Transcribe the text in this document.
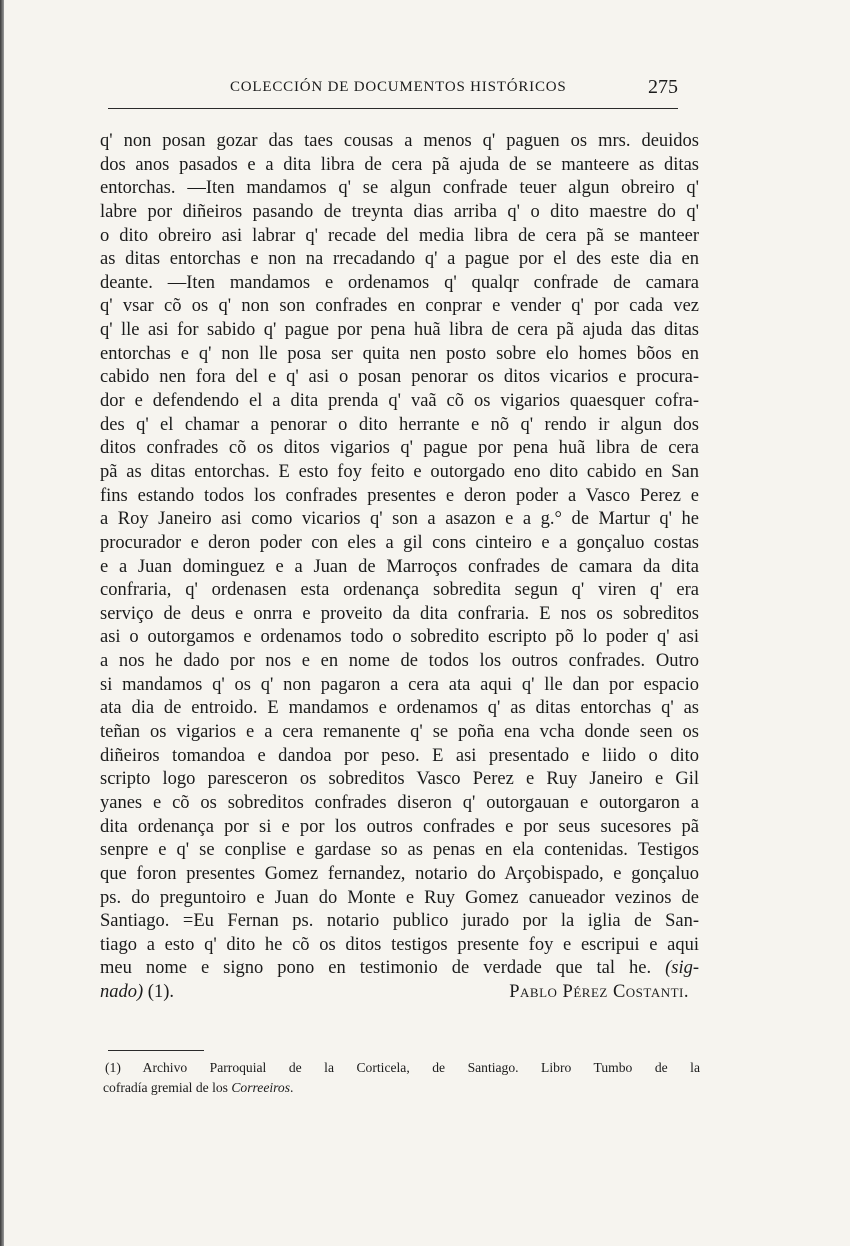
COLECCIÓN DE DOCUMENTOS HISTÓRICOS	275
q' non posan gozar das taes cousas a menos q' paguen os mrs. deuidos
dos anos pasados e a dita libra de cera pã ajuda de se manteere as ditas
entorchas. —Iten mandamos q' se algun confrade teuer algun obreiro q'
labre por diñeiros pasando de treynta dias arriba q' o dito maestre do q'
o dito obreiro asi labrar q' recade del media libra de cera pã se manteer
as ditas entorchas e non na rrecadando q' a pague por el des este dia en
deante. —Iten mandamos e ordenamos q' qualqr confrade de camara
q' vsar cõ os q' non son confrades en conprar e vender q' por cada vez
q' lle asi for sabido q' pague por pena huã libra de cera pã ajuda das ditas
entorchas e q' non lle posa ser quita nen posto sobre elo homes bõos en
cabido nen fora del e q' asi o posan penorar os ditos vicarios e procura-
dor e defendendo el a dita prenda q' vaã cõ os vigarios quaesquer cofra-
des q' el chamar a penorar o dito herrante e nõ q' rendo ir algun dos
ditos confrades cõ os ditos vigarios q' pague por pena huã libra de cera
pã as ditas entorchas. E esto foy feito e outorgado eno dito cabido en San
fins estando todos los confrades presentes e deron poder a Vasco Perez e
a Roy Janeiro asi como vicarios q' son a asazon e a g.° de Martur q' he
procurador e deron poder con eles a gil cons cinteiro e a gonçaluo costas
e a Juan dominguez e a Juan de Marroços confrades de camara da dita
confraria, q' ordenasen esta ordenança sobredita segun q' viren q' era
serviço de deus e onrra e proveito da dita confraria. E nos os sobreditos
asi o outorgamos e ordenamos todo o sobredito escripto põ lo poder q' asi
a nos he dado por nos e en nome de todos los outros confrades. Outro
si mandamos q' os q' non pagaron a cera ata aqui q' lle dan por espacio
ata dia de entroido. E mandamos e ordenamos q' as ditas entorchas q' as
teñan os vigarios e a cera remanente q' se poña ena vcha donde seen os
diñeiros tomandoa e dandoa por peso. E asi presentado e liido o dito
scripto logo paresceron os sobreditos Vasco Perez e Ruy Janeiro e Gil
yanes e cõ os sobreditos confrades diseron q' outorgauan e outorgaron a
dita ordenança por si e por los outros confrades e por seus sucesores pã
senpre e q' se conplise e gardase so as penas en ela contenidas. Testigos
que foron presentes Gomez fernandez, notario do Arçobispado, e gonçaluo
ps. do preguntoiro e Juan do Monte e Ruy Gomez canueador vezinos de
Santiago. =Eu Fernan ps. notario publico jurado por la iglia de San-
tiago a esto q' dito he cõ os ditos testigos presente foy e escripui e aqui
meu nome e signo pono en testimonio de verdade que tal he. (sig-
nado) (1).	Pablo Pérez Costanti.
(1) Archivo Parroquial de la Corticela, de Santiago. Libro Tumbo de la
cofradía gremial de los Correeiros.
